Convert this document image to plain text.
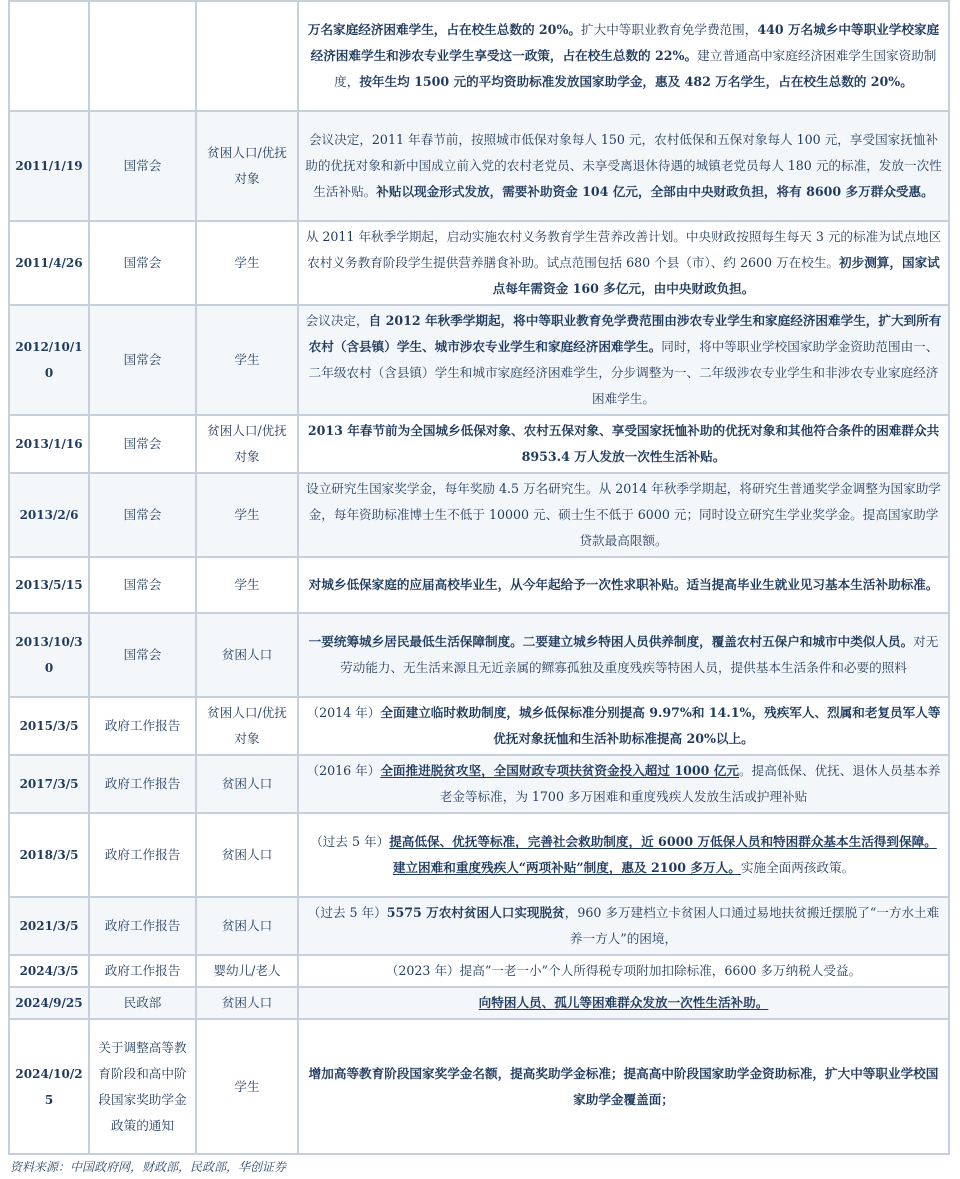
			万名家庭经济困难学生，占在校生总数的 20%。扩大中等职业教育免学费范围，440 万名城乡中等职业学校家庭经济困难学生和涉农专业学生享受这一政策，占在校生总数的 22%。建立普通高中家庭经济困难学生国家资助制度，按年生均 1500 元的平均资助标准发放国家助学金，惠及 482 万名学生，占在校生总数的 20%。
2011/1/19	国常会	贫困人口/优抚对象	会议决定，2011 年春节前，按照城市低保对象每人 150 元，农村低保和五保对象每人 100 元，享受国家抚恤补助的优抚对象和新中国成立前入党的农村老党员、未享受离退休待遇的城镇老党员每人 180 元的标准，发放一次性生活补贴。补贴以现金形式发放，需要补助资金 104 亿元，全部由中央财政负担，将有 8600 多万群众受惠。
2011/4/26	国常会	学生	从 2011 年秋季学期起，启动实施农村义务教育学生营养改善计划。中央财政按照每生每天 3 元的标准为试点地区农村义务教育阶段学生提供营养膳食补助。试点范围包括 680 个县（市）、约 2600 万在校生。初步测算，国家试点每年需资金 160 多亿元，由中央财政负担。
2012/10/10	国常会	学生	会议决定，自 2012 年秋季学期起，将中等职业教育免学费范围由涉农专业学生和家庭经济困难学生，扩大到所有农村（含县镇）学生、城市涉农专业学生和家庭经济困难学生。同时，将中等职业学校国家助学金资助范围由一、二年级农村（含县镇）学生和城市家庭经济困难学生，分步调整为一、二年级涉农专业学生和非涉农专业家庭经济困难学生。
2013/1/16	国常会	贫困人口/优抚对象	2013 年春节前为全国城乡低保对象、农村五保对象、享受国家抚恤补助的优抚对象和其他符合条件的困难群众共 8953.4 万人发放一次性生活补贴。
2013/2/6	国常会	学生	设立研究生国家奖学金，每年奖励 4.5 万名研究生。从 2014 年秋季学期起，将研究生普通奖学金调整为国家助学金，每年资助标准博士生不低于 10000 元、硕士生不低于 6000 元；同时设立研究生学业奖学金。提高国家助学贷款最高限额。
2013/5/15	国常会	学生	对城乡低保家庭的应届高校毕业生，从今年起给予一次性求职补贴。适当提高毕业生就业见习基本生活补助标准。
2013/10/30	国常会	贫困人口	一要统筹城乡居民最低生活保障制度。二要建立城乡特困人员供养制度，覆盖农村五保户和城市中类似人员。对无劳动能力、无生活来源且无近亲属的鳏寡孤独及重度残疾等特困人员，提供基本生活条件和必要的照料
2015/3/5	政府工作报告	贫困人口/优抚对象	（2014 年）全面建立临时救助制度，城乡低保标准分别提高 9.97%和 14.1%，残疾军人、烈属和老复员军人等优抚对象抚恤和生活补助标准提高 20%以上。
2017/3/5	政府工作报告	贫困人口	（2016 年）全面推进脱贫攻坚，全国财政专项扶贫资金投入超过 1000 亿元。提高低保、优抚、退休人员基本养老金等标准，为 1700 多万困难和重度残疾人发放生活或护理补贴
2018/3/5	政府工作报告	贫困人口	（过去 5 年）提高低保、优抚等标准，完善社会救助制度，近 6000 万低保人员和特困群众基本生活得到保障。建立困难和重度残疾人“两项补贴”制度，惠及 2100 多万人。实施全面两孩政策。
2021/3/5	政府工作报告	贫困人口	（过去 5 年）5575 万农村贫困人口实现脱贫，960 多万建档立卡贫困人口通过易地扶贫搬迁摆脱了“一方水土难养一方人”的困境，
2024/3/5	政府工作报告	婴幼儿/老人	（2023 年）提高“一老一小”个人所得税专项附加扣除标准，6600 多万纳税人受益。
2024/9/25	民政部	贫困人口	向特困人员、孤儿等困难群众发放一次性生活补助。
2024/10/25	关于调整高等教育阶段和高中阶段国家奖助学金政策的通知	学生	增加高等教育阶段国家奖学金名额，提高奖助学金标准；提高高中阶段国家助学金资助标准，扩大中等职业学校国家助学金覆盖面；
资料来源：中国政府网，财政部，民政部，华创证券
